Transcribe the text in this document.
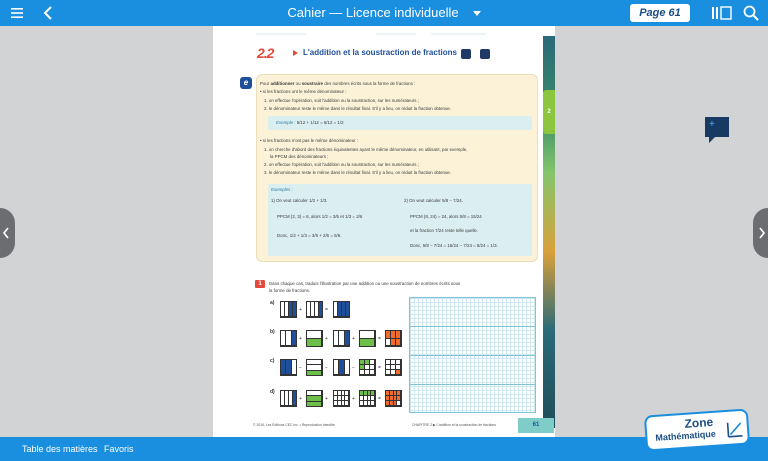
Cahier — Licence individuelle	Page 61
2
2.2	L'addition et la soustraction de fractions
e	Pour additionner ou soustraire des nombres écrits sous la forme de fractions :
• si les fractions ont le même dénominateur :
1. on effectue l'opération, soit l'addition ou la soustraction, sur les numérateurs ;
2. le dénominateur reste le même dans le résultat final. S'il y a lieu, on réduit la fraction obtenue.
Exemple : 5/12 + 1/12 = 6/12 = 1/2
• si les fractions n'ont pas le même dénominateur :
1. on cherche d'abord des fractions équivalentes ayant le même dénominateur, en utilisant, par exemple,
la PPCM des dénominateurs ;
2. on effectue l'opération, soit l'addition ou la soustraction, sur les numérateurs ;
3. le dénominateur reste le même dans le résultat final. S'il y a lieu, on réduit la fraction obtenue.
Exemples :
1) On veut calculer 1/2 + 1/3.
PPCM (2, 3) = 6, alors 1/2 = 3/6 et 1/3 = 2/6
Donc, 1/2 + 1/3 = 3/6 + 2/6 = 5/6.
2) On veut calculer 5/8 − 7/24.
PPCM (8, 24) = 24, alors 5/8 = 15/24
et la fraction 7/24 reste telle quelle.
Donc, 5/8 − 7/24 = 15/24 − 7/24 = 8/24 = 1/3.
1	Dans chaque cas, traduis l'illustration par une addition ou une soustraction de nombres écrits sous
la forme de fractions.
a)
b)
c)
d)
+	=
+	+	+	=
−	−	−	=
+	+	+	=
© 2016, Les Éditions CEC inc. • Reproduction interdite	CHAPITRE 2 ▶ L'addition et la soustraction de fractions	61
+
Table des matières Favoris
Zone
Mathématique
